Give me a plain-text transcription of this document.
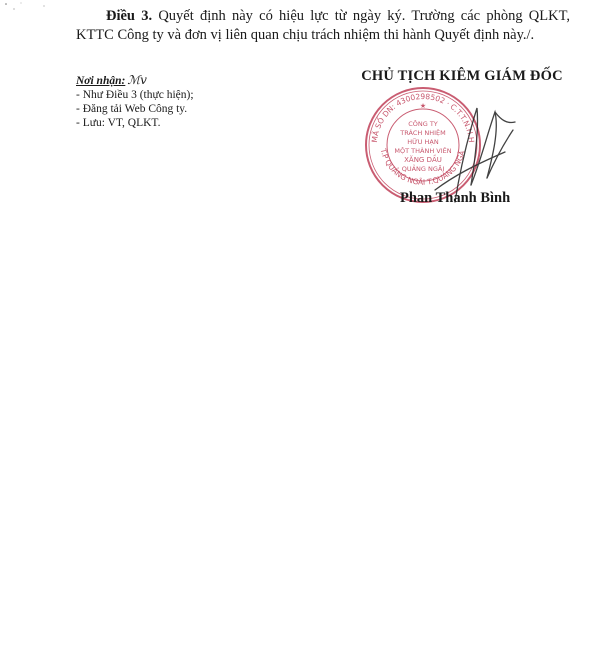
Điều 3. Quyết định này có hiệu lực từ ngày ký. Trường các phòng QLKT, KTTC Công ty và đơn vị liên quan chịu trách nhiệm thi hành Quyết định này./.
Nơi nhận: ℳv
- Như Điều 3 (thực hiện);
- Đăng tải Web Công ty.
- Lưu: VT, QLKT.
CHỦ TỊCH KIÊM GIÁM ĐỐC
MÃ SỐ DN: 4300298502 · C.T.T.N.H.H
T.P QUẢNG NGÃI T.QUẢNG NGÃ
CÔNG TY
TRÁCH NHIỆM
HỮU HẠN
MỘT THÀNH VIÊN
XĂNG DẦU
QUẢNG NGÃI
★
Phan Thanh Bình
